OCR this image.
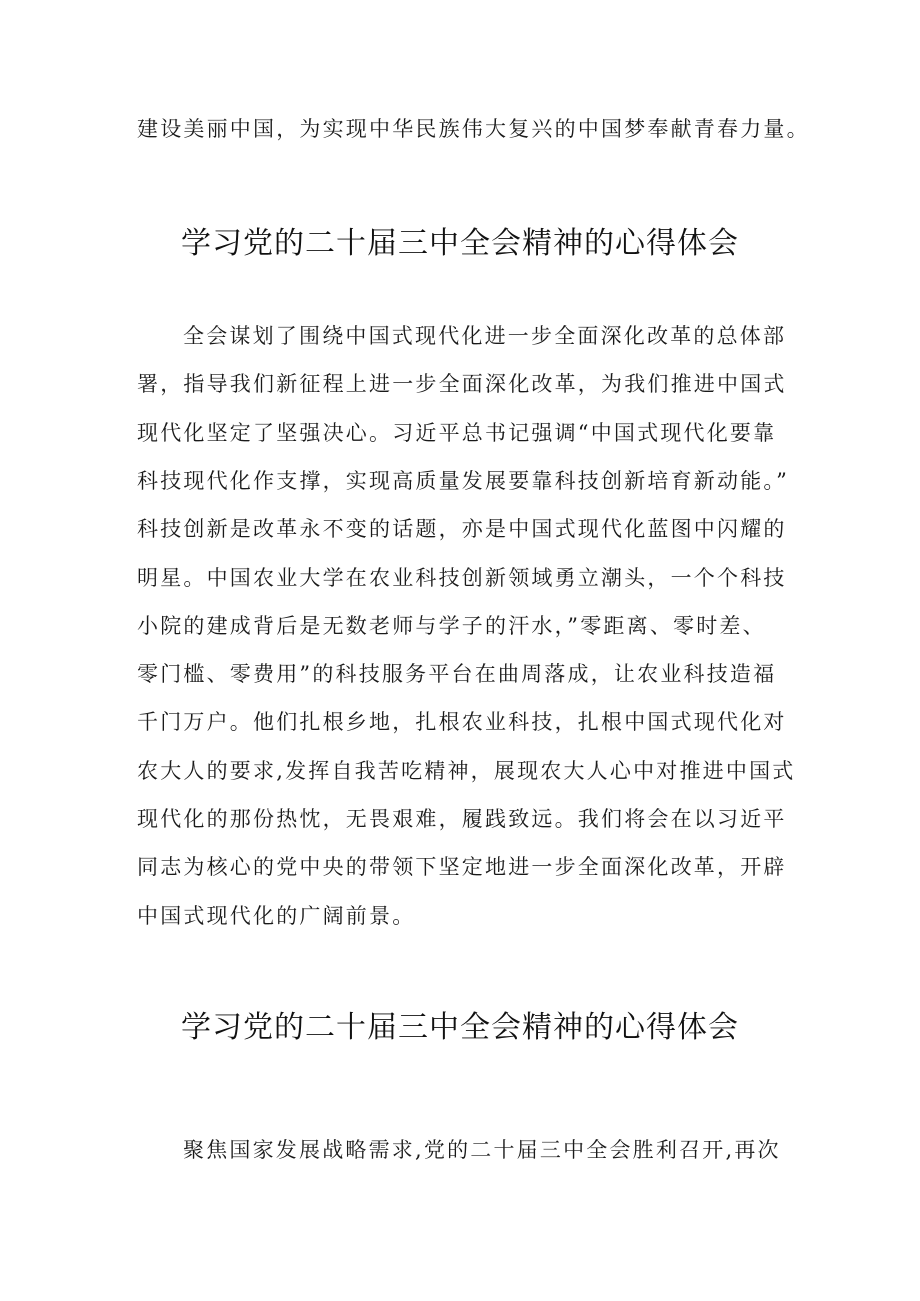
建设美丽中国，为实现中华民族伟大复兴的中国梦奉献青春力量。
学习党的二十届三中全会精神的心得体会
全会谋划了围绕中国式现代化进一步全面深化改革的总体部
署，指导我们新征程上进一步全面深化改革，为我们推进中国式
现代化坚定了坚强决心。习近平总书记强调“中国式现代化要靠
科技现代化作支撑，实现高质量发展要靠科技创新培育新动能。”
科技创新是改革永不变的话题，亦是中国式现代化蓝图中闪耀的
明星。中国农业大学在农业科技创新领域勇立潮头，一个个科技
小院的建成背后是无数老师与学子的汗水，”零距离、零时差、
零门槛、零费用”的科技服务平台在曲周落成，让农业科技造福
千门万户。他们扎根乡地，扎根农业科技，扎根中国式现代化对
农大人的要求,发挥自我苦吃精神，展现农大人心中对推进中国式
现代化的那份热忱，无畏艰难，履践致远。我们将会在以习近平
同志为核心的党中央的带领下坚定地进一步全面深化改革，开辟
中国式现代化的广阔前景。
学习党的二十届三中全会精神的心得体会
聚焦国家发展战略需求,党的二十届三中全会胜利召开,再次
